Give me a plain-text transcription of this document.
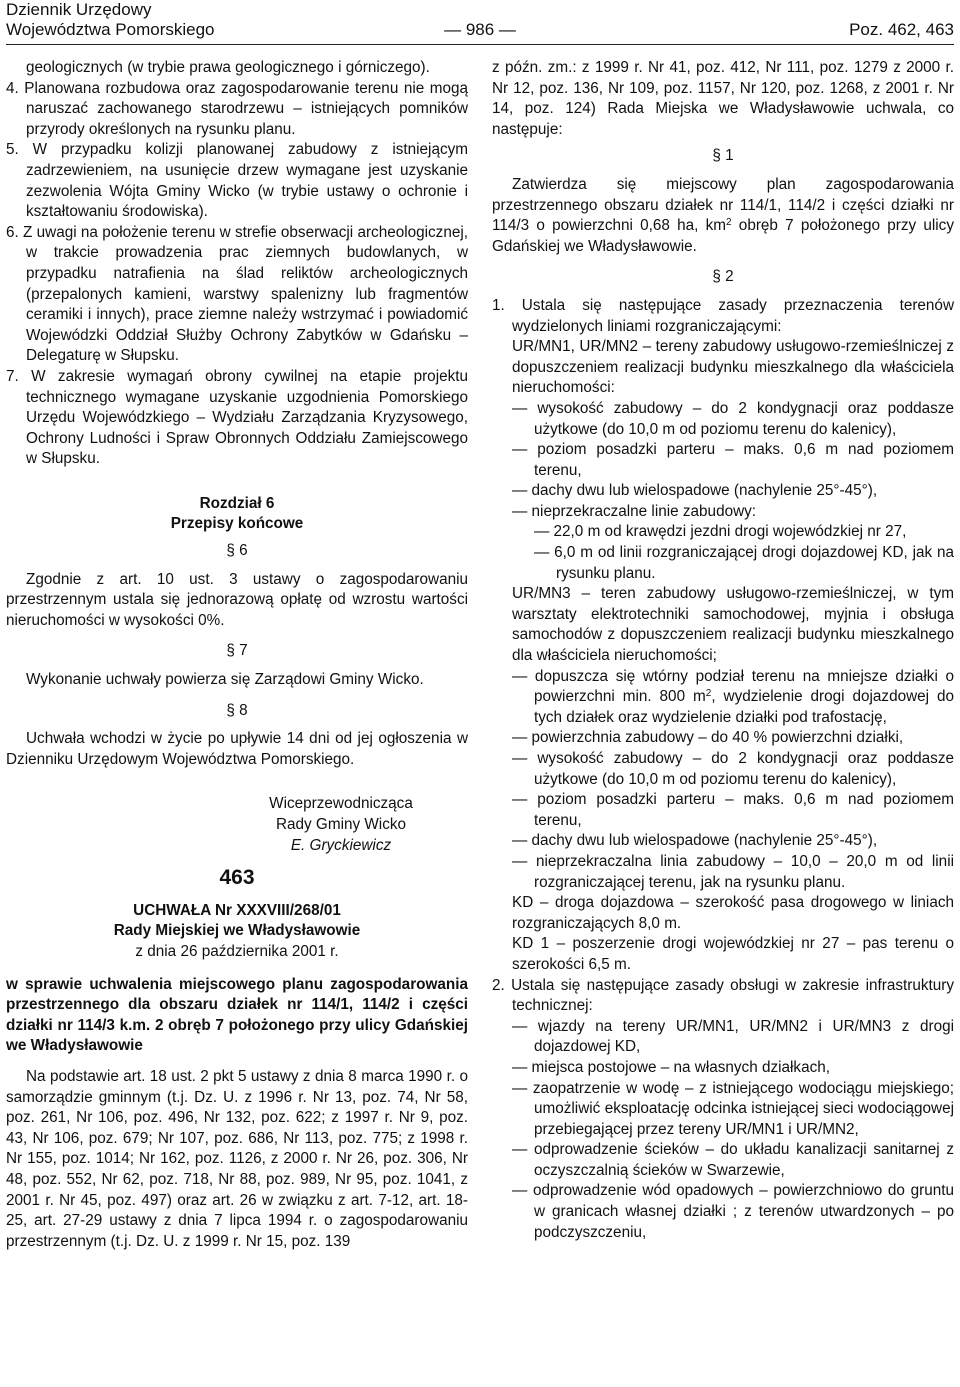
Dziennik Urzędowy
Województwa Pomorskiego	— 986 —	Poz. 462, 463

geologicznych (w trybie prawa geologicznego i górniczego).

4. Planowana rozbudowa oraz zagospodarowanie terenu nie mogą naruszać zachowanego starodrzewu – istniejących pomników przyrody określonych na rysunku planu.

5. W przypadku kolizji planowanej zabudowy z istniejącym zadrzewieniem, na usunięcie drzew wymagane jest uzyskanie zezwolenia Wójta Gminy Wicko (w trybie ustawy o ochronie i kształtowaniu środowiska).

6. Z uwagi na położenie terenu w strefie obserwacji archeologicznej, w trakcie prowadzenia prac ziemnych budowlanych, w przypadku natrafienia na ślad reliktów archeologicznych (przepalonych kamieni, warstwy spalenizny lub fragmentów ceramiki i innych), prace ziemne należy wstrzymać i powiadomić Wojewódzki Oddział Służby Ochrony Zabytków w Gdańsku – Delegaturę w Słupsku.

7. W zakresie wymagań obrony cywilnej na etapie projektu technicznego wymagane uzyskanie uzgodnienia Pomorskiego Urzędu Wojewódzkiego – Wydziału Zarządzania Kryzysowego, Ochrony Ludności i Spraw Obronnych Oddziału Zamiejscowego w Słupsku.

Rozdział 6

Przepisy końcowe

§ 6

Zgodnie z art. 10 ust. 3 ustawy o zagospodarowaniu przestrzennym ustala się jednorazową opłatę od wzrostu wartości nieruchomości w wysokości 0%.

§ 7

Wykonanie uchwały powierza się Zarządowi Gminy Wicko.

§ 8

Uchwała wchodzi w życie po upływie 14 dni od jej ogłoszenia w Dzienniku Urzędowym Województwa Pomorskiego.

Wiceprzewodnicząca

Rady Gminy Wicko

E. Gryckiewicz

463

UCHWAŁA Nr XXXVIII/268/01

Rady Miejskiej we Władysławowie

z dnia 26 października 2001 r.

w sprawie uchwalenia miejscowego planu zagospodarowania przestrzennego dla obszaru działek nr 114/1, 114/2 i części działki nr 114/3 k.m. 2 obręb 7 położonego przy ulicy Gdańskiej we Władysławowie

Na podstawie art. 18 ust. 2 pkt 5 ustawy z dnia 8 marca 1990 r. o samorządzie gminnym (t.j. Dz. U. z 1996 r. Nr 13, poz. 74, Nr 58, poz. 261, Nr 106, poz. 496, Nr 132, poz. 622; z 1997 r. Nr 9, poz. 43, Nr 106, poz. 679; Nr 107, poz. 686, Nr 113, poz. 775; z 1998 r. Nr 155, poz. 1014; Nr 162, poz. 1126, z 2000 r. Nr 26, poz. 306, Nr 48, poz. 552, Nr 62, poz. 718, Nr 88, poz. 989, Nr 95, poz. 1041, z 2001 r. Nr 45, poz. 497) oraz art. 26 w związku z art. 7-12, art. 18-25, art. 27-29 ustawy z dnia 7 lipca 1994 r. o zagospodarowaniu przestrzennym (t.j. Dz. U. z 1999 r. Nr 15, poz. 139

z późn. zm.: z 1999 r. Nr 41, poz. 412, Nr 111, poz. 1279 z 2000 r. Nr 12, poz. 136, Nr 109, poz. 1157, Nr 120, poz. 1268, z 2001 r. Nr 14, poz. 124) Rada Miejska we Władysławowie uchwala, co następuje:

§ 1

Zatwierdza się miejscowy plan zagospodarowania przestrzennego obszaru działek nr 114/1, 114/2 i części działki nr 114/3 o powierzchni 0,68 ha, $km^2$ obręb 7 położonego przy ulicy Gdańskiej we Władysławowie.

§ 2

1. Ustala się następujące zasady przeznaczenia terenów wydzielonych liniami rozgraniczającymi:

UR/MN1, UR/MN2 – tereny zabudowy usługowo-rzemieślniczej z dopuszczeniem realizacji budynku mieszkalnego dla właściciela nieruchomości:

— wysokość zabudowy – do 2 kondygnacji oraz poddasze użytkowe (do 10,0 m od poziomu terenu do kalenicy),

— poziom posadzki parteru – maks. 0,6 m nad poziomem terenu,

— dachy dwu lub wielospadowe (nachylenie 25°-45°),

— nieprzekraczalne linie zabudowy:

— 22,0 m od krawędzi jezdni drogi wojewódzkiej nr 27,

— 6,0 m od linii rozgraniczającej drogi dojazdowej KD, jak na rysunku planu.

UR/MN3 – teren zabudowy usługowo-rzemieślniczej, w tym warsztaty elektrotechniki samochodowej, myjnia i obsługa samochodów z dopuszczeniem realizacji budynku mieszkalnego dla właściciela nieruchomości;

— dopuszcza się wtórny podział terenu na mniejsze działki o powierzchni min. 800 $m^2$, wydzielenie drogi dojazdowej do tych działek oraz wydzielenie działki pod trafostację,

— powierzchnia zabudowy – do 40 % powierzchni działki,

— wysokość zabudowy – do 2 kondygnacji oraz poddasze użytkowe (do 10,0 m od poziomu terenu do kalenicy),

— poziom posadzki parteru – maks. 0,6 m nad poziomem terenu,

— dachy dwu lub wielospadowe (nachylenie 25°-45°),

— nieprzekraczalna linia zabudowy – 10,0 – 20,0 m od linii rozgraniczającej terenu, jak na rysunku planu.

KD – droga dojazdowa – szerokość pasa drogowego w liniach rozgraniczających 8,0 m.

KD 1 – poszerzenie drogi wojewódzkiej nr 27 – pas terenu o szerokości 6,5 m.

2. Ustala się następujące zasady obsługi w zakresie infrastruktury technicznej:

— wjazdy na tereny UR/MN1, UR/MN2 i UR/MN3 z drogi dojazdowej KD,

— miejsca postojowe – na własnych działkach,

— zaopatrzenie w wodę – z istniejącego wodociągu miejskiego; umożliwić eksploatację odcinka istniejącej sieci wodociągowej przebiegającej przez tereny UR/MN1 i UR/MN2,

— odprowadzenie ścieków – do układu kanalizacji sanitarnej z oczyszczalnią ścieków w Swarzewie,

— odprowadzenie wód opadowych – powierzchniowo do gruntu w granicach własnej działki ; z terenów utwardzonych – po podczyszczeniu,
